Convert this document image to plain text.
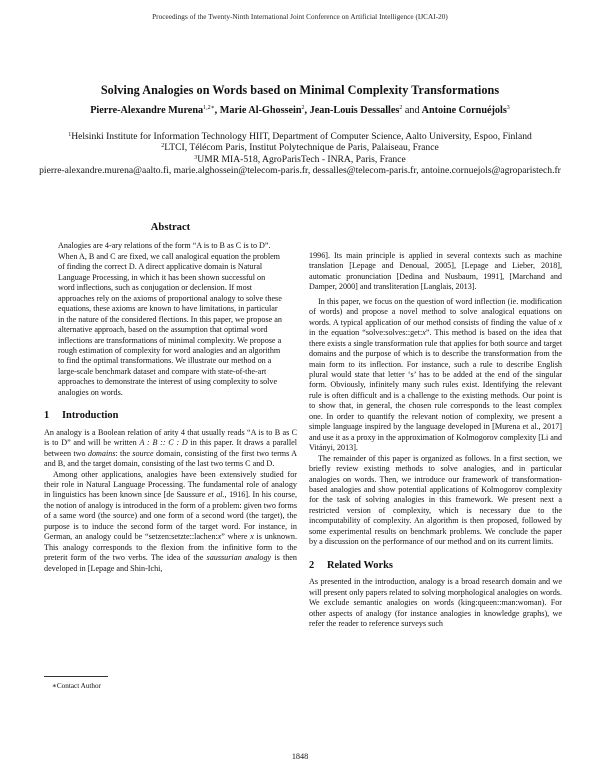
Proceedings of the Twenty-Ninth International Joint Conference on Artificial Intelligence (IJCAI-20)
Solving Analogies on Words based on Minimal Complexity Transformations
Pierre-Alexandre Murena$^{1,2∗}$, Marie Al-Ghossein$^2$, Jean-Louis Dessalles$^2$ and Antoine Cornuéjols$^3$
$^1$Helsinki Institute for Information Technology HIIT, Department of Computer Science, Aalto University, Espoo, Finland
$^2$LTCI, Télécom Paris, Institut Polytechnique de Paris, Palaiseau, France
$^3$UMR MIA-518, AgroParisTech - INRA, Paris, France
pierre-alexandre.murena@aalto.fi, marie.alghossein@telecom-paris.fr, dessalles@telecom-paris.fr, antoine.cornuejols@agroparistech.fr
Abstract

Analogies are 4-ary relations of the form “A is to B as C is to D”. When A, B and C are fixed, we call analogical equation the problem of finding the correct D. A direct applicative domain is Natural Language Processing, in which it has been shown successful on word inflections, such as conjugation or declension. If most approaches rely on the axioms of proportional analogy to solve these equations, these axioms are known to have limitations, in particular in the nature of the considered flections. In this paper, we propose an alternative approach, based on the assumption that optimal word inflections are transformations of minimal complexity. We propose a rough estimation of complexity for word analogies and an algorithm to find the optimal transformations. We illustrate our method on a large-scale benchmark dataset and compare with state-of-the-art approaches to demonstrate the interest of using complexity to solve analogies on words.

1 Introduction

An analogy is a Boolean relation of arity 4 that usually reads “A is to B as C is to D” and will be written A : B :: C : D in this paper. It draws a parallel between two domains: the source domain, consisting of the first two terms A and B, and the target domain, consisting of the last two terms C and D.

Among other applications, analogies have been extensively studied for their role in Natural Language Processing. The fundamental role of analogy in linguistics has been known since [de Saussure et al., 1916]. In his course, the notion of analogy is introduced in the form of a problem: given two forms of a same word (the source) and one form of a second word (the target), the purpose is to induce the second form of the target word. For instance, in German, an analogy could be “setzen:setzte::lachen:x” where x is unknown. This analogy corresponds to the flexion from the infinitive form to the preterit form of the two verbs. The idea of the saussurian analogy is then developed in [Lepage and Shin-Ichi,

1996]. Its main principle is applied in several contexts such as machine translation [Lepage and Denoual, 2005], [Lepage and Lieber, 2018], automatic pronunciation [Dedina and Nusbaum, 1991], [Marchand and Damper, 2000] and transliteration [Langlais, 2013].

In this paper, we focus on the question of word inflection (ie. modification of words) and propose a novel method to solve analogical equations on words. A typical application of our method consists of finding the value of x in the equation “solve:solves::get:x”. This method is based on the idea that there exists a single transformation rule that applies for both source and target domains and the purpose of which is to describe the transformation from the main form to its inflection. For instance, such a rule to describe English plural would state that letter ‘s’ has to be added at the end of the singular form. Obviously, infinitely many such rules exist. Identifying the relevant rule is often difficult and is a challenge to the existing methods. Our point is to show that, in general, the chosen rule corresponds to the least complex one. In order to quantify the relevant notion of complexity, we present a simple language inspired by the language developed in [Murena et al., 2017] and use it as a proxy in the approximation of Kolmogorov complexity [Li and Vitányi, 2013].

The remainder of this paper is organized as follows. In a first section, we briefly review existing methods to solve analogies, and in particular analogies on words. Then, we introduce our framework of transformation-based analogies and show potential applications of Kolmogorov complexity for the task of solving analogies in this framework. We present next a restricted version of complexity, which is necessary due to the incomputability of complexity. An algorithm is then proposed, followed by some experimental results on benchmark problems. We conclude the paper by a discussion on the performance of our method and on its current limits.

2 Related Works

As presented in the introduction, analogy is a broad research domain and we will present only papers related to solving morphological analogies on words. We exclude semantic analogies on words (king:queen::man:woman). For other aspects of analogy (for instance analogies in knowledge graphs), we refer the reader to reference surveys such

∗Contact Author
1848
